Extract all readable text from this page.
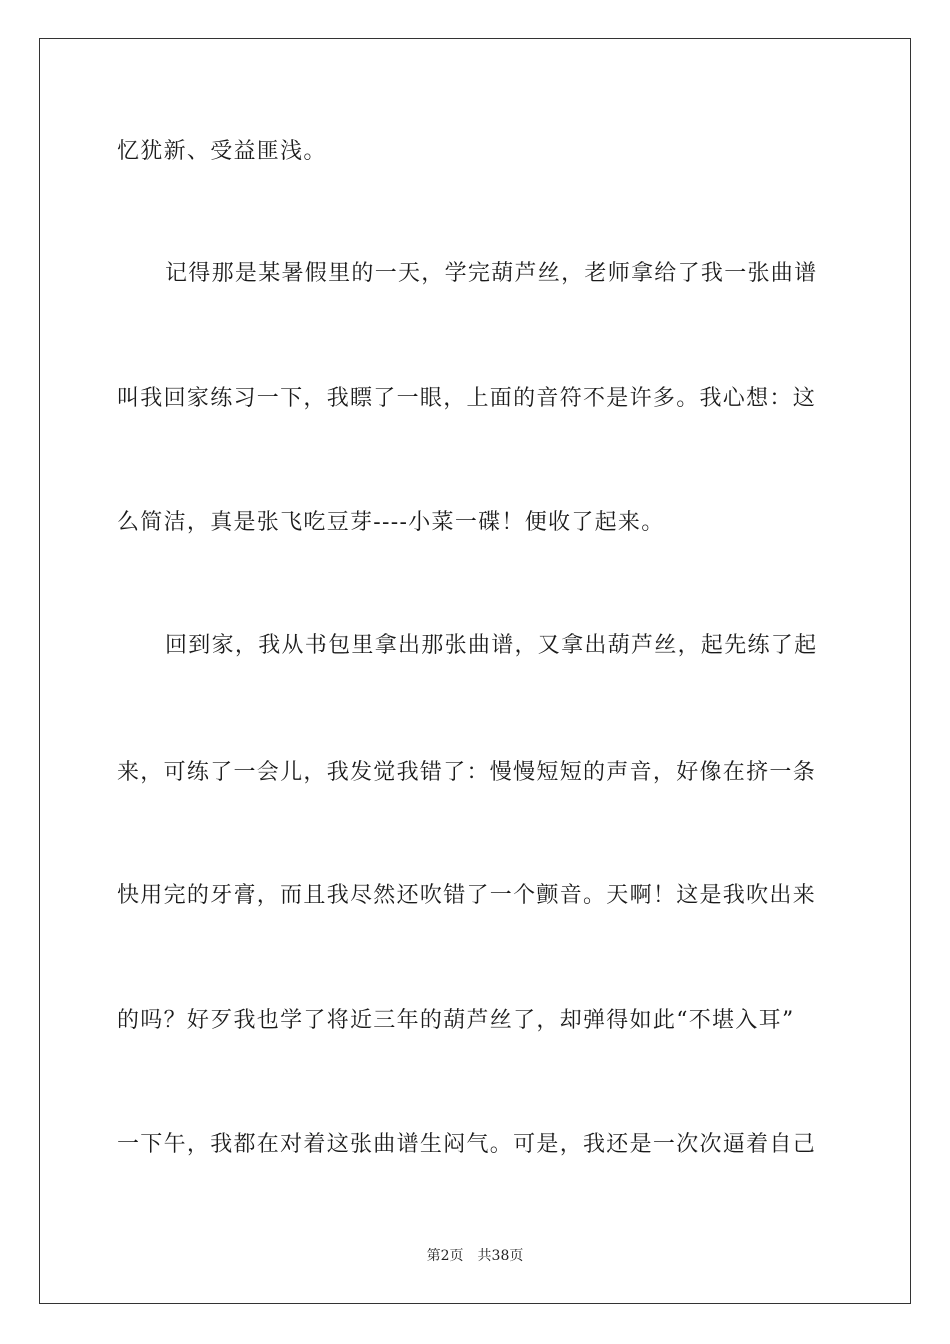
忆犹新、受益匪浅。
记得那是某暑假里的一天，学完葫芦丝，老师拿给了我一张曲谱
叫我回家练习一下，我瞟了一眼，上面的音符不是许多。我心想：这
么简洁，真是张飞吃豆芽----小菜一碟！便收了起来。
回到家，我从书包里拿出那张曲谱，又拿出葫芦丝，起先练了起
来，可练了一会儿，我发觉我错了：慢慢短短的声音，好像在挤一条
快用完的牙膏，而且我尽然还吹错了一个颤音。天啊！这是我吹出来
的吗？好歹我也学了将近三年的葫芦丝了，却弹得如此“不堪入耳”
一下午，我都在对着这张曲谱生闷气。可是，我还是一次次逼着自己
第2页 共38页
